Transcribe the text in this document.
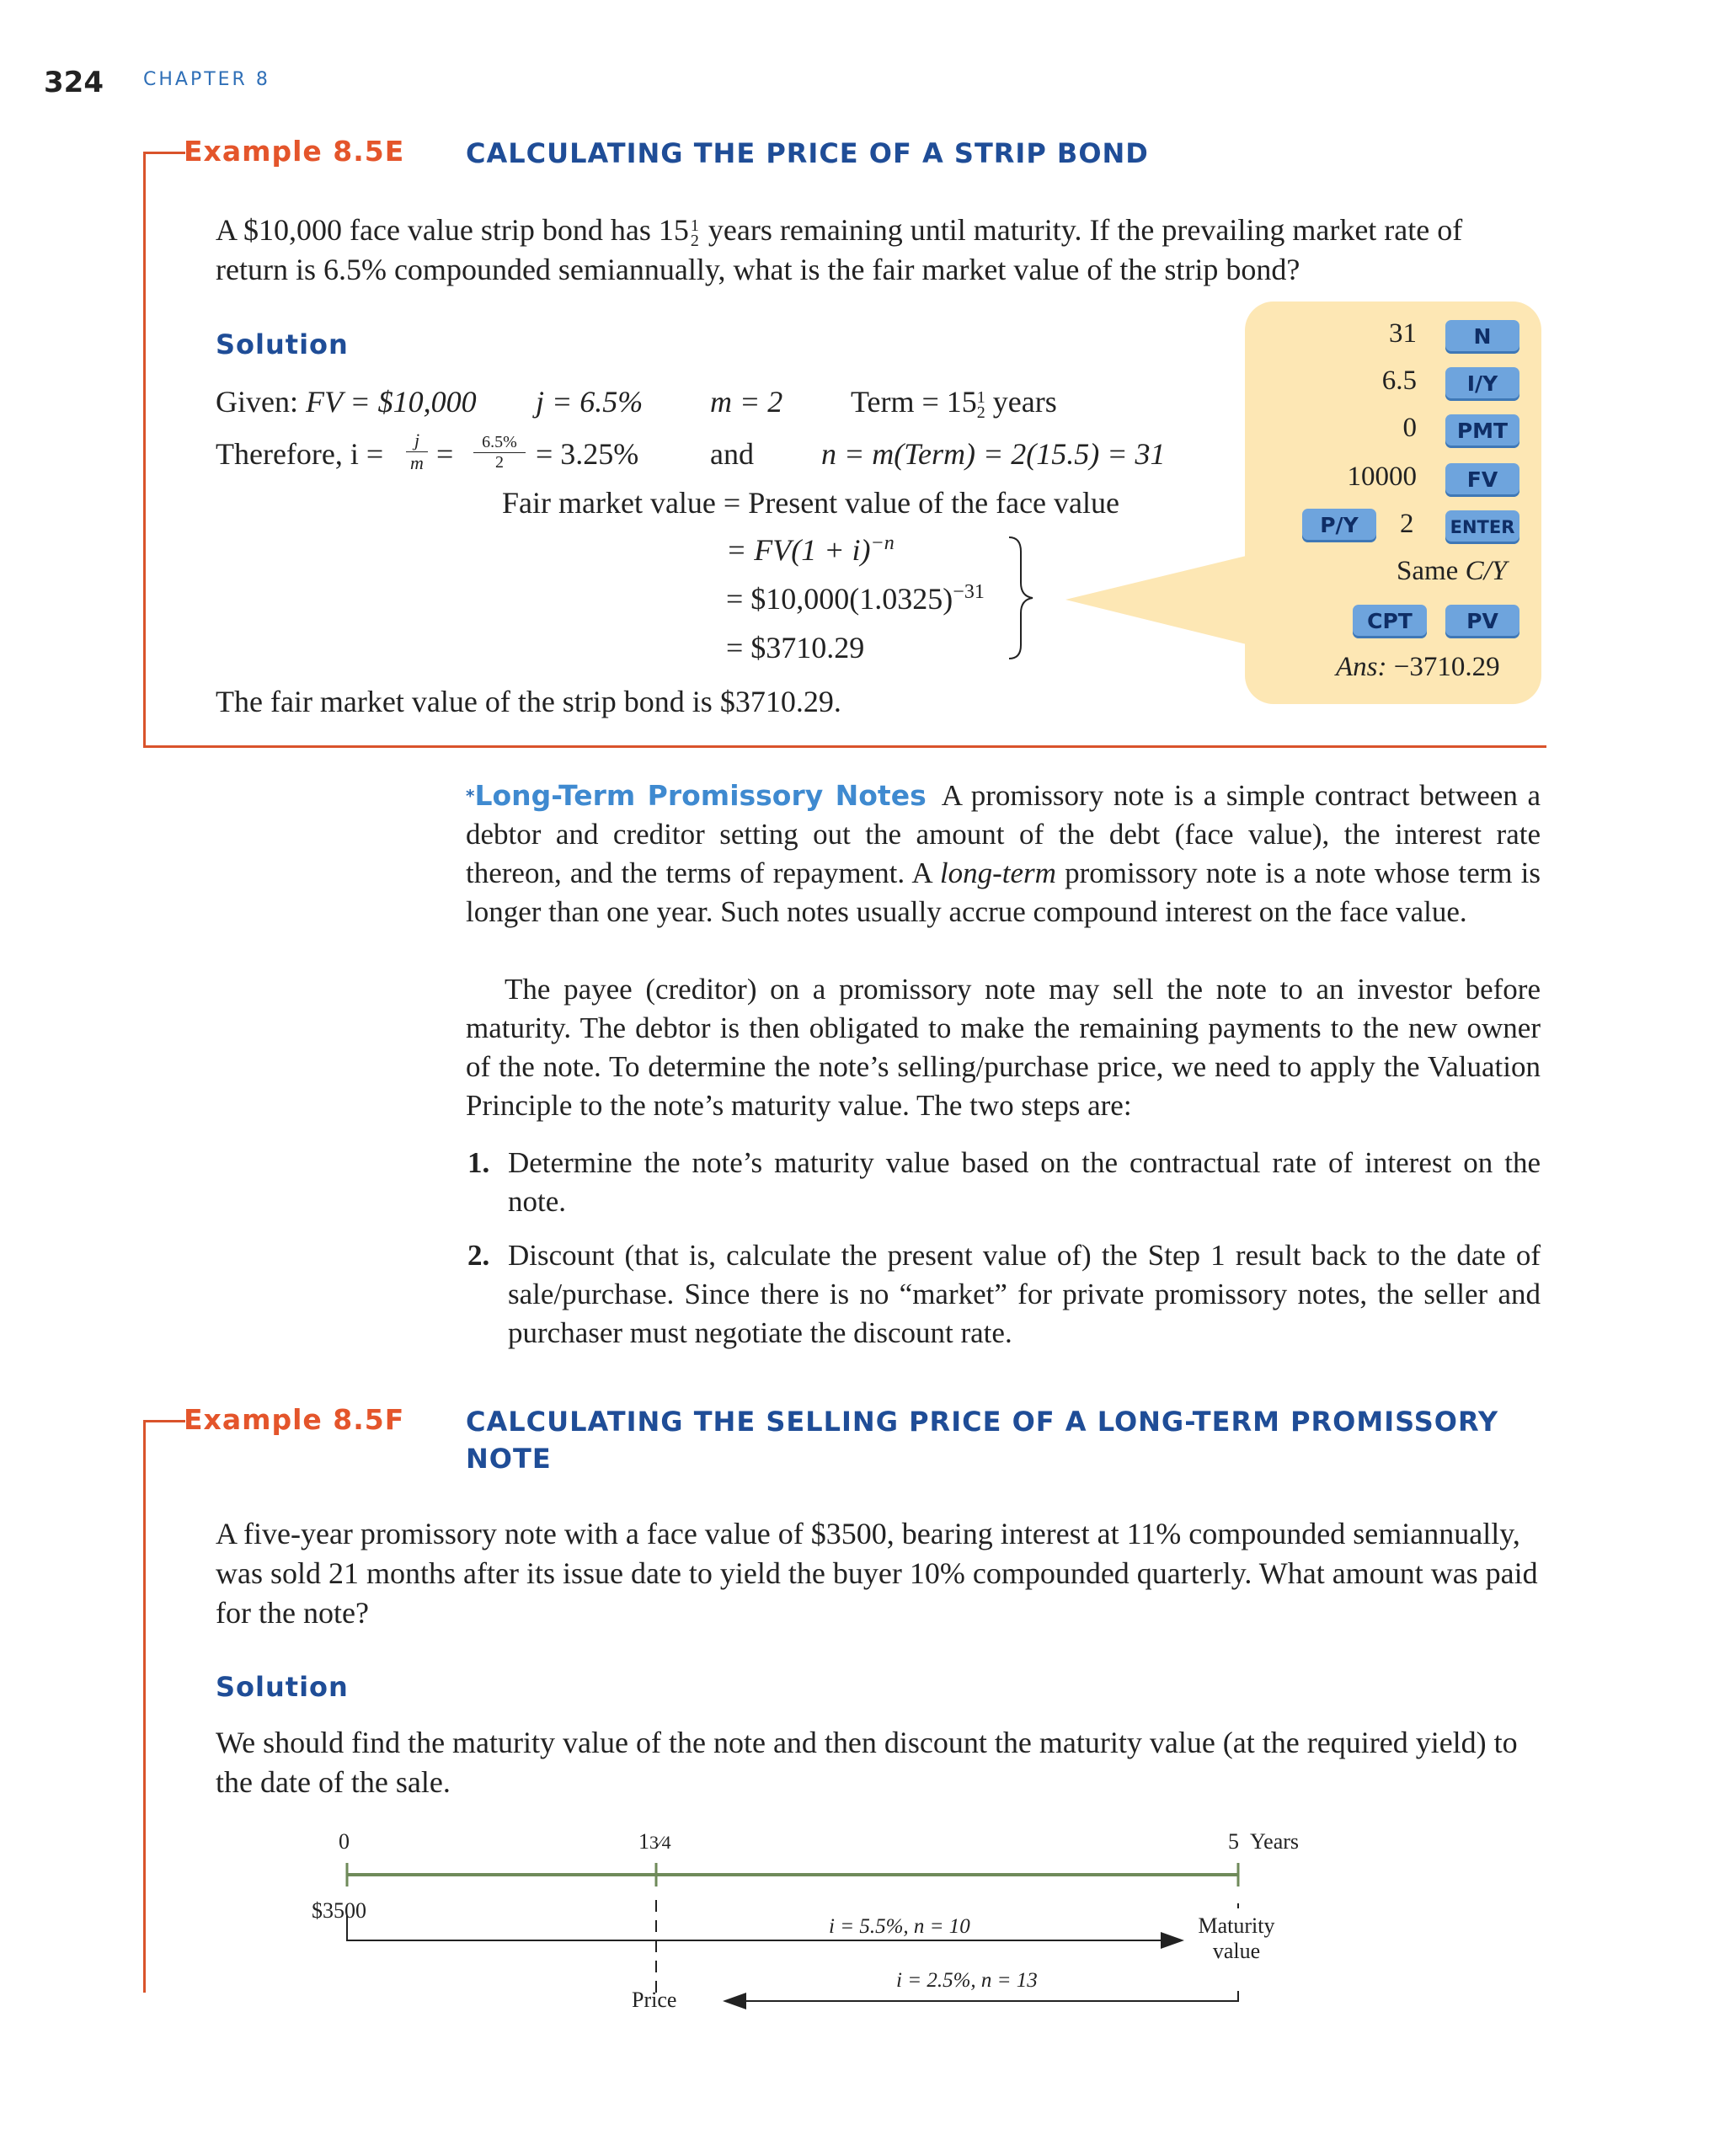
324 CHAPTER 8
Example 8.5E CALCULATING THE PRICE OF A STRIP BOND
A $10,000 face value strip bond has 15 1
2 years remaining until maturity. If the prevailing market rate of
return is 6.5% compounded semiannually, what is the fair market value of the strip bond?
Solution
Given: FV = $10,000 j = 6.5% m = 2 Term = 15 1
2 years
Therefore, i =	j
m =	6.5%
2	= 3.25% and n = m(Term) = 2(15.5) = 31
Fair market value = Present value of the face value
= $FV(1 + i)^{-n}$
= $\$10,000(1.0325)^{-31}$
= $3710.29
The fair market value of the strip bond is $3710.29.
31	N
6.5	I/Y
0	PMT
10000	FV
P/Y	2 ENTER
Same C/Y
CPT	PV
Ans: −3710.29
*Long-Term Promissory Notes A promissory note is a simple contract between a debtor and creditor setting out the amount of the debt (face value), the interest rate thereon, and the terms of repayment. A long-term promissory note is a note whose term is longer than one year. Such notes usually accrue compound interest on the face value.
The payee (creditor) on a promissory note may sell the note to an investor before maturity. The debtor is then obligated to make the remaining payments to the new owner of the note. To determine the note’s selling/purchase price, we need to apply the Valuation Principle to the note’s maturity value. The two steps are:
1. Determine the note’s maturity value based on the contractual rate of interest on the note.
2. Discount (that is, calculate the present value of) the Step 1 result back to the date of sale/purchase. Since there is no “market” for private promissory notes, the seller and purchaser must negotiate the discount rate.
Example 8.5F CALCULATING THE SELLING PRICE OF A LONG-TERM PROMISSORY
NOTE
A five-year promissory note with a face value of $3500, bearing interest at 11% compounded semiannually, was sold 21 months after its issue date to yield the buyer 10% compounded quarterly. What amount was paid for the note?
Solution
We should find the maturity value of the note and then discount the maturity value (at the required yield) to the date of the sale.
0	13⁄4	5 Years
$3500
i = 5.5%, n = 10	Maturity
value
i = 2.5%, n = 13
Price
